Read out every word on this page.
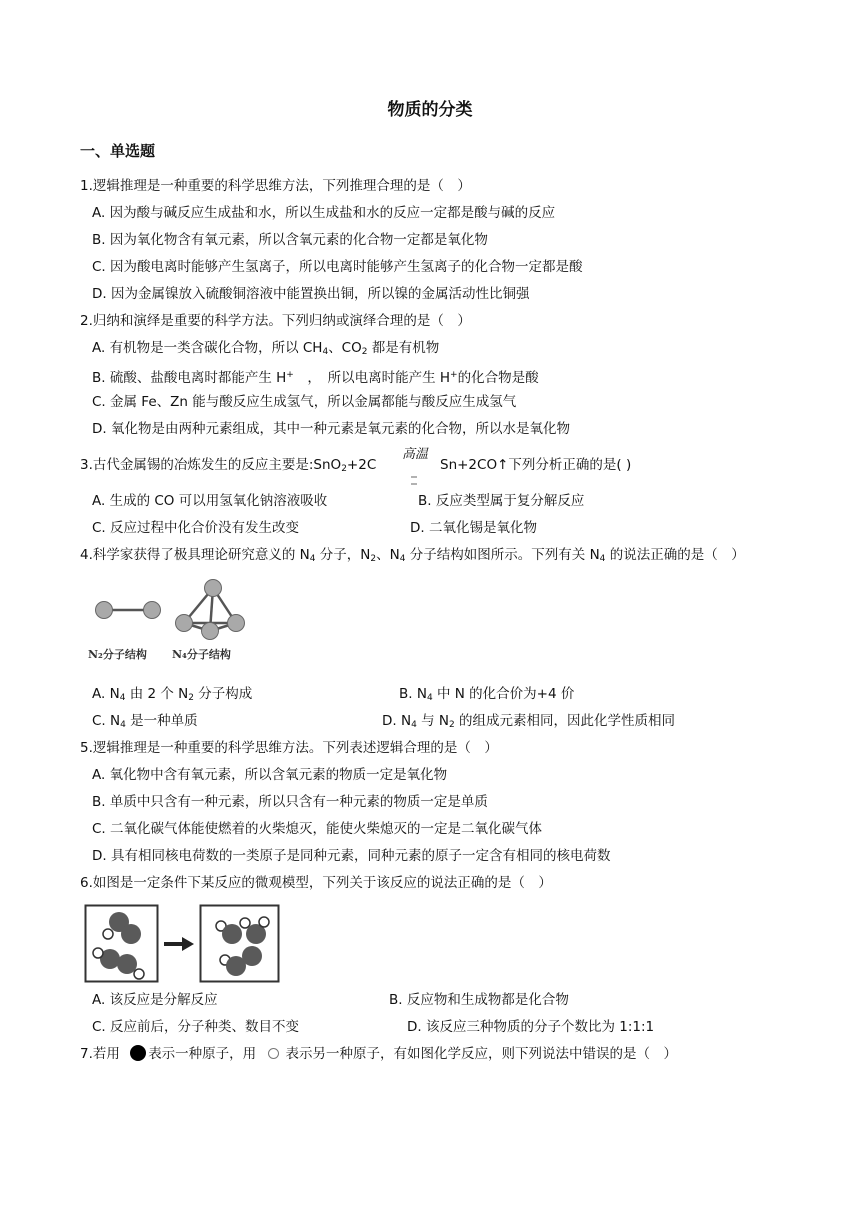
物质的分类
一、单选题
1.逻辑推理是一种重要的科学思维方法，下列推理合理的是（　）
A. 因为酸与碱反应生成盐和水，所以生成盐和水的反应一定都是酸与碱的反应
B. 因为氧化物含有氧元素，所以含氧元素的化合物一定都是氧化物
C. 因为酸电离时能够产生氢离子，所以电离时能够产生氢离子的化合物一定都是酸
D. 因为金属镍放入硫酸铜溶液中能置换出铜，所以镍的金属活动性比铜强
2.归纳和演绎是重要的科学方法。下列归纳或演绎合理的是（　）
A. 有机物是一类含碳化合物，所以 $CH_4$、$CO_2$ 都是有机物
B. 硫酸、盐酸电离时都能产生 H+　，　所以电离时能产生 H+的化合物是酸
C. 金属 Fe、Zn 能与酸反应生成氢气，所以金属都能与酸反应生成氢气
D. 氧化物是由两种元素组成，其中一种元素是氧元素的化合物，所以水是氧化物
3.古代金属锡的冶炼发生的反应主要是:SnO$_2$+2C
高温
Sn+2CO↑下列分析正确的是( )
A. 生成的 CO 可以用氢氧化钠溶液吸收	B. 反应类型属于复分解反应
C. 反应过程中化合价没有发生改变	D. 二氧化锡是氧化物
4.科学家获得了极具理论研究意义的 $N_4$ 分子，$N_2$、$N_4$ 分子结构如图所示。下列有关 $N_4$ 的说法正确的是（　）
N₂分子结构 N₄分子结构
A. $N_4$ 由 2 个 $N_2$ 分子构成	B. $N_4$ 中 N 的化合价为+4 价
C. $N_4$ 是一种单质	D. $N_4$ 与 $N_2$ 的组成元素相同，因此化学性质相同
5.逻辑推理是一种重要的科学思维方法。下列表述逻辑合理的是（　）
A. 氧化物中含有氧元素，所以含氧元素的物质一定是氧化物
B. 单质中只含有一种元素，所以只含有一种元素的物质一定是单质
C. 二氧化碳气体能使燃着的火柴熄灭，能使火柴熄灭的一定是二氧化碳气体
D. 具有相同核电荷数的一类原子是同种元素，同种元素的原子一定含有相同的核电荷数
6.如图是一定条件下某反应的微观模型，下列关于该反应的说法正确的是（　）
A. 该反应是分解反应	B. 反应物和生成物都是化合物
C. 反应前后，分子种类、数目不变	D. 该反应三种物质的分子个数比为 1:1:1
7.若用 表示一种原子，用 表示另一种原子，有如图化学反应，则下列说法中错误的是（　）
